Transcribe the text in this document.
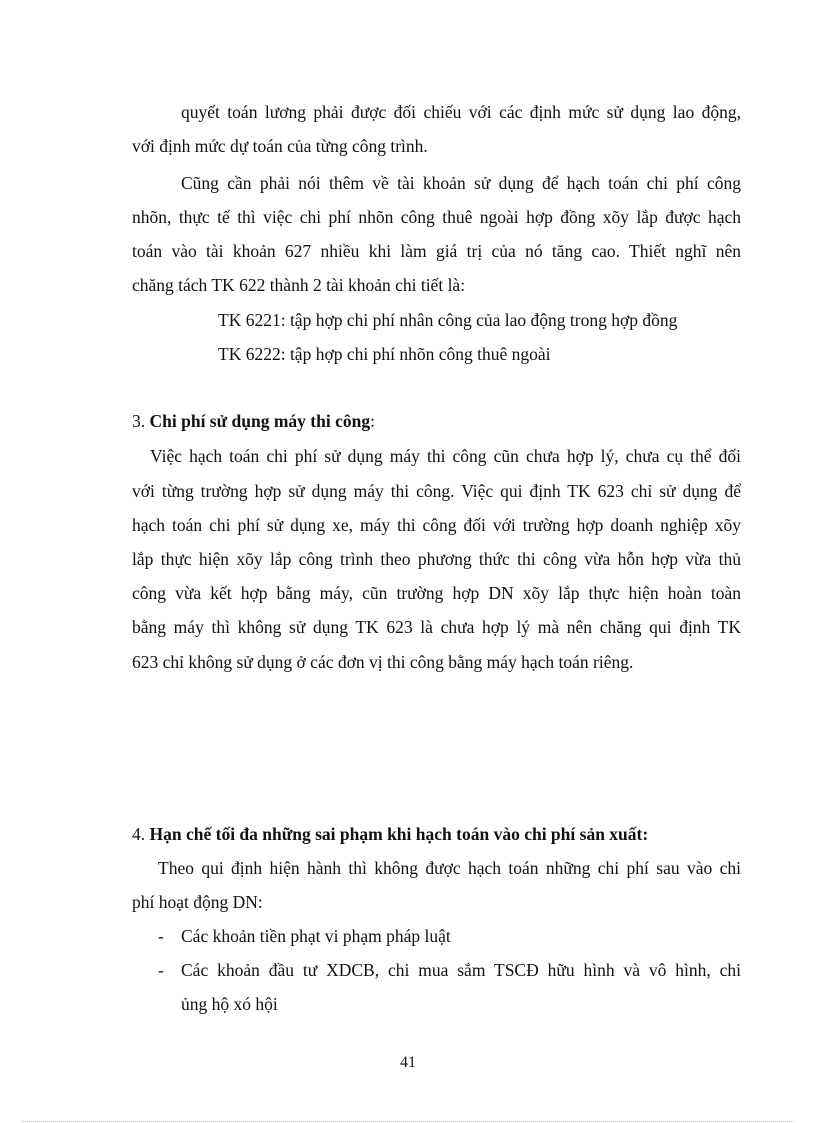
quyết toán lương phải được đối chiếu với các định mức sử dụng lao động,
với định mức dự toán của từng công trình.
Cũng cần phải nói thêm về tài khoản sử dụng để hạch toán chi phí công
nhõn, thực tế thì việc chi phí nhõn công thuê ngoài hợp đồng xõy lắp được hạch
toán vào tài khoản 627 nhiều khi làm giá trị của nó tăng cao. Thiết nghĩ nên
chăng tách TK 622 thành 2 tài khoản chi tiết là:
TK 6221: tập hợp chi phí nhân công của lao động trong hợp đồng
TK 6222: tập hợp chi phí nhõn công thuê ngoài
3. Chi phí sử dụng máy thi công:
Việc hạch toán chi phí sử dụng máy thi công cũn chưa hợp lý, chưa cụ thể đối
với từng trường hợp sử dụng máy thi công. Việc qui định TK 623 chỉ sử dụng để
hạch toán chi phí sử dụng xe, máy thi công đối với trường hợp doanh nghiệp xõy
lắp thực hiện xõy lắp công trình theo phương thức thi công vừa hỗn hợp vừa thủ
công vừa kết hợp bằng máy, cũn trường hợp DN xõy lắp thực hiện hoàn toàn
bằng máy thì không sử dụng TK 623 là chưa hợp lý mà nên chăng qui định TK
623 chỉ không sử dụng ở các đơn vị thi công bằng máy hạch toán riêng.
4. Hạn chế tối đa những sai phạm khi hạch toán vào chi phí sản xuất:
Theo qui định hiện hành thì không được hạch toán những chi phí sau vào chi
phí hoạt động DN:
- Các khoản tiền phạt vi phạm pháp luật
- Các khoản đầu tư XDCB, chi mua sắm TSCĐ hữu hình và vô hình, chi
ủng hộ xó hội
41
